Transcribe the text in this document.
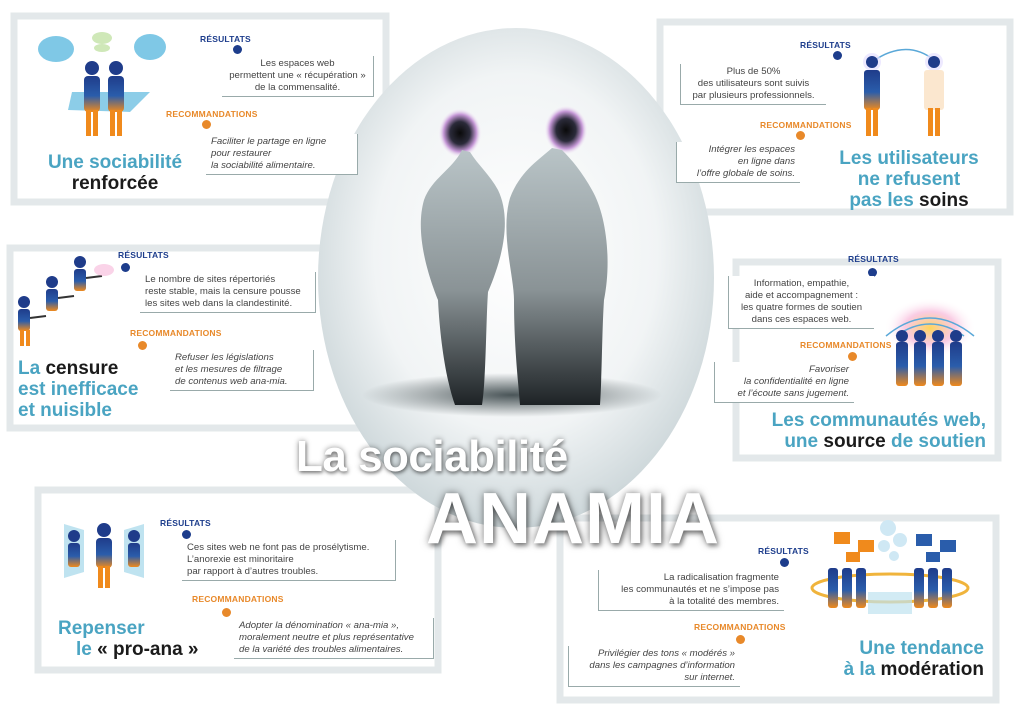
RÉSULTATS
Les espaces web
permettent une « récupération »
de la commensalité.
RECOMMANDATIONS
Faciliter le partage en ligne
pour restaurer
la sociabilité alimentaire.
Une sociabilité
renforcée
RÉSULTATS
Plus de 50%
des utilisateurs sont suivis
par plusieurs professionnels.
RECOMMANDATIONS
Intégrer les espaces
en ligne dans
l’offre globale de soins.
Les utilisateurs
ne refusent
pas les soins
RÉSULTATS
Le nombre de sites répertoriés
reste stable, mais la censure pousse
les sites web dans la clandestinité.
RECOMMANDATIONS
Refuser les législations
et les mesures de filtrage
de contenus web ana-mia.
La censure
est inefficace
et nuisible
RÉSULTATS
Information, empathie,
aide et accompagnement :
les quatre formes de soutien
dans ces espaces web.
RECOMMANDATIONS
Favoriser
la confidentialité en ligne
et l’écoute sans jugement.
Les communautés web,
une source de soutien
RÉSULTATS
Ces sites web ne font pas de prosélytisme.
L’anorexie est minoritaire
par rapport à d’autres troubles.
RECOMMANDATIONS
Adopter la dénomination « ana-mia »,
moralement neutre et plus représentative
de la variété des troubles alimentaires.
Repenser
le « pro-ana »
RÉSULTATS
La radicalisation fragmente
les communautés et ne s’impose pas
à la totalité des membres.
RECOMMANDATIONS
Privilégier des tons « modérés »
dans les campagnes d’information
sur internet.
Une tendance
à la modération
La sociabilité
ANAMIA
